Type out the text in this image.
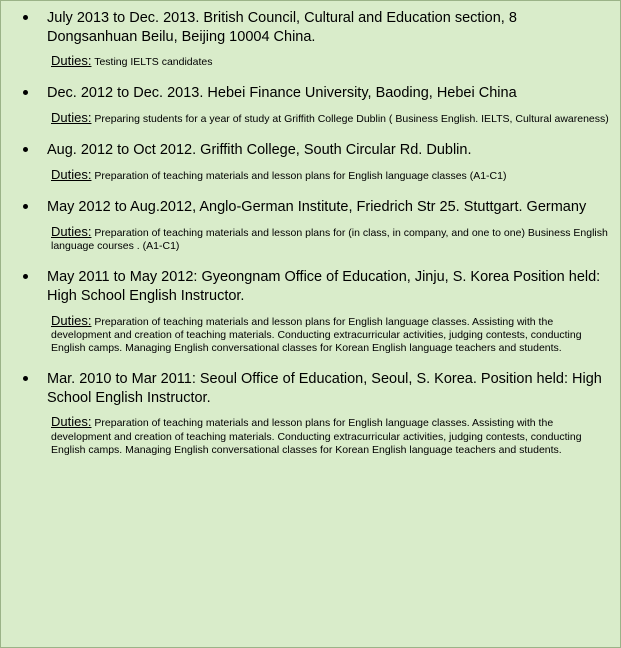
July 2013 to Dec. 2013. British Council, Cultural and Education section, 8 Dongsanhuan Beilu, Beijing 10004 China.

Duties: Testing IELTS candidates

Dec. 2012 to Dec. 2013. Hebei Finance University, Baoding, Hebei China

Duties: Preparing students for a year of study at Griffith College Dublin ( Business English. IELTS, Cultural awareness)

Aug. 2012 to Oct 2012. Griffith College, South Circular Rd. Dublin.

Duties: Preparation of teaching materials and lesson plans for English language classes (A1-C1)

May 2012 to Aug.2012, Anglo-German Institute, Friedrich Str 25. Stuttgart. Germany

Duties: Preparation of teaching materials and lesson plans for (in class, in company, and one to one) Business English language courses . (A1-C1)

May 2011 to May 2012: Gyeongnam Office of Education, Jinju, S. Korea Position held: High School English Instructor.

Duties: Preparation of teaching materials and lesson plans for English language classes. Assisting with the development and creation of teaching materials. Conducting extracurricular activities, judging contests, conducting English camps. Managing English conversational classes for Korean English language teachers and students.

Mar. 2010 to Mar 2011: Seoul Office of Education, Seoul, S. Korea. Position held: High School English Instructor.

Duties: Preparation of teaching materials and lesson plans for English language classes. Assisting with the development and creation of teaching materials. Conducting extracurricular activities, judging contests, conducting English camps. Managing English conversational classes for Korean English language teachers and students.
